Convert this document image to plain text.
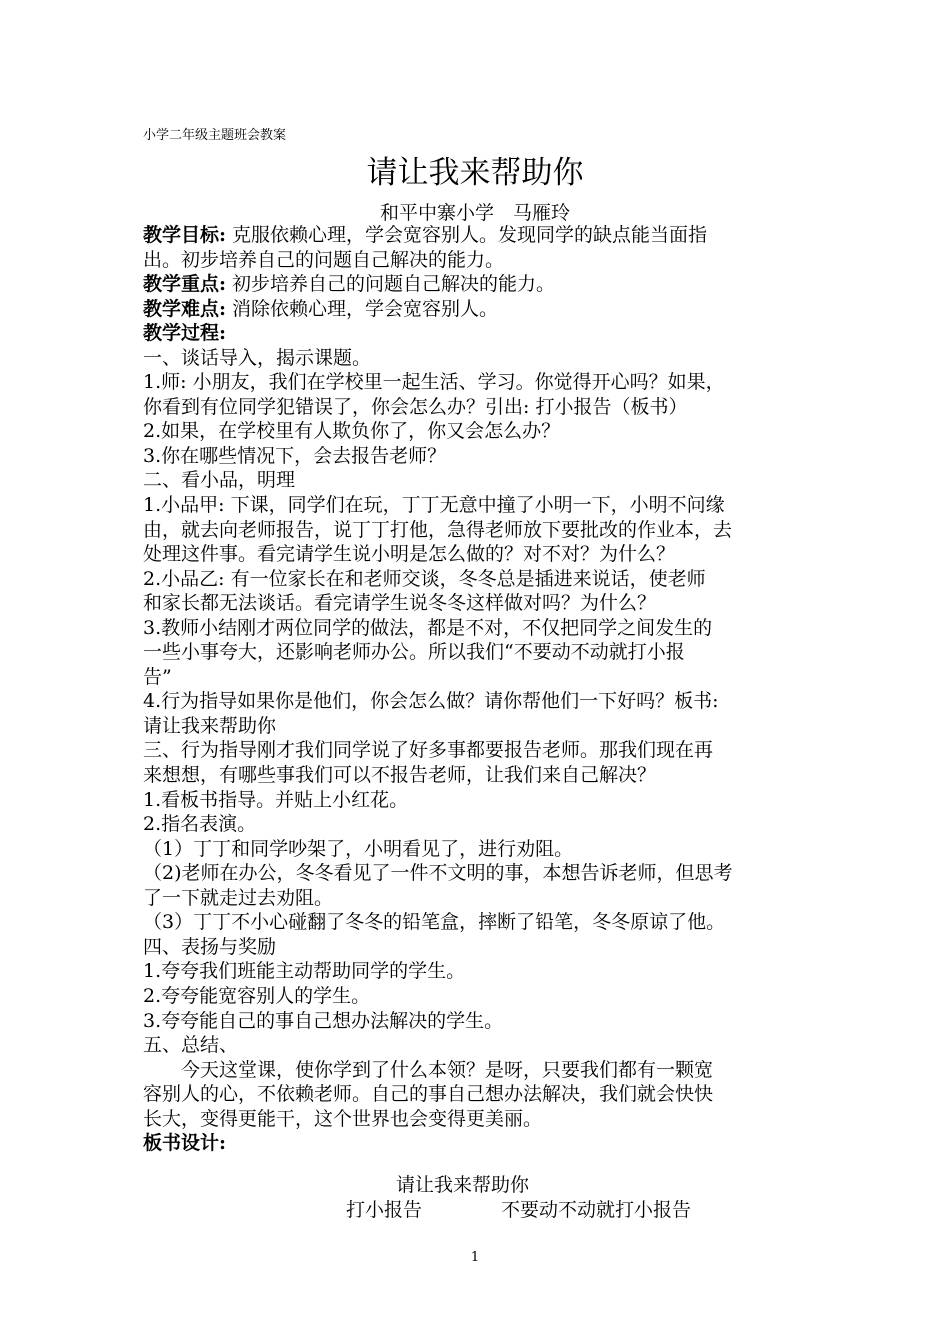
小学二年级主题班会教案
请让我来帮助你
和平中寨小学　马雁玲
教学目标: 克服依赖心理，学会宽容别人。发现同学的缺点能当面指
出。初步培养自己的问题自己解决的能力。
教学重点: 初步培养自己的问题自己解决的能力。
教学难点: 消除依赖心理，学会宽容别人。
教学过程:
一、谈话导入，揭示课题。
1.师: 小朋友，我们在学校里一起生活、学习。你觉得开心吗？如果，
你看到有位同学犯错误了，你会怎么办？引出: 打小报告（板书）
2.如果，在学校里有人欺负你了，你又会怎么办？
3.你在哪些情况下，会去报告老师？
二、看小品，明理
1.小品甲: 下课，同学们在玩，丁丁无意中撞了小明一下，小明不问缘
由，就去向老师报告，说丁丁打他，急得老师放下要批改的作业本，去
处理这件事。看完请学生说小明是怎么做的？对不对？为什么？
2.小品乙: 有一位家长在和老师交谈，冬冬总是插进来说话，使老师
和家长都无法谈话。看完请学生说冬冬这样做对吗？为什么？
3.教师小结刚才两位同学的做法，都是不对，不仅把同学之间发生的
一些小事夸大，还影响老师办公。所以我们“不要动不动就打小报
告”
4.行为指导如果你是他们，你会怎么做？请你帮他们一下好吗？板书:
请让我来帮助你
三、行为指导刚才我们同学说了好多事都要报告老师。那我们现在再
来想想，有哪些事我们可以不报告老师，让我们来自己解决？
1.看板书指导。并贴上小红花。
2.指名表演。
（1）丁丁和同学吵架了，小明看见了，进行劝阻。
（2)老师在办公，冬冬看见了一件不文明的事，本想告诉老师，但思考
了一下就走过去劝阻。
（3）丁丁不小心碰翻了冬冬的铅笔盒，摔断了铅笔，冬冬原谅了他。
四、表扬与奖励
1.夸夸我们班能主动帮助同学的学生。
2.夸夸能宽容别人的学生。
3.夸夸能自己的事自己想办法解决的学生。
五、总结、
今天这堂课，使你学到了什么本领？是呀，只要我们都有一颗宽
容别人的心，不依赖老师。自己的事自己想办法解决，我们就会快快
长大，变得更能干，这个世界也会变得更美丽。
板书设计:
请让我来帮助你
打小报告	不要动不动就打小报告
1
